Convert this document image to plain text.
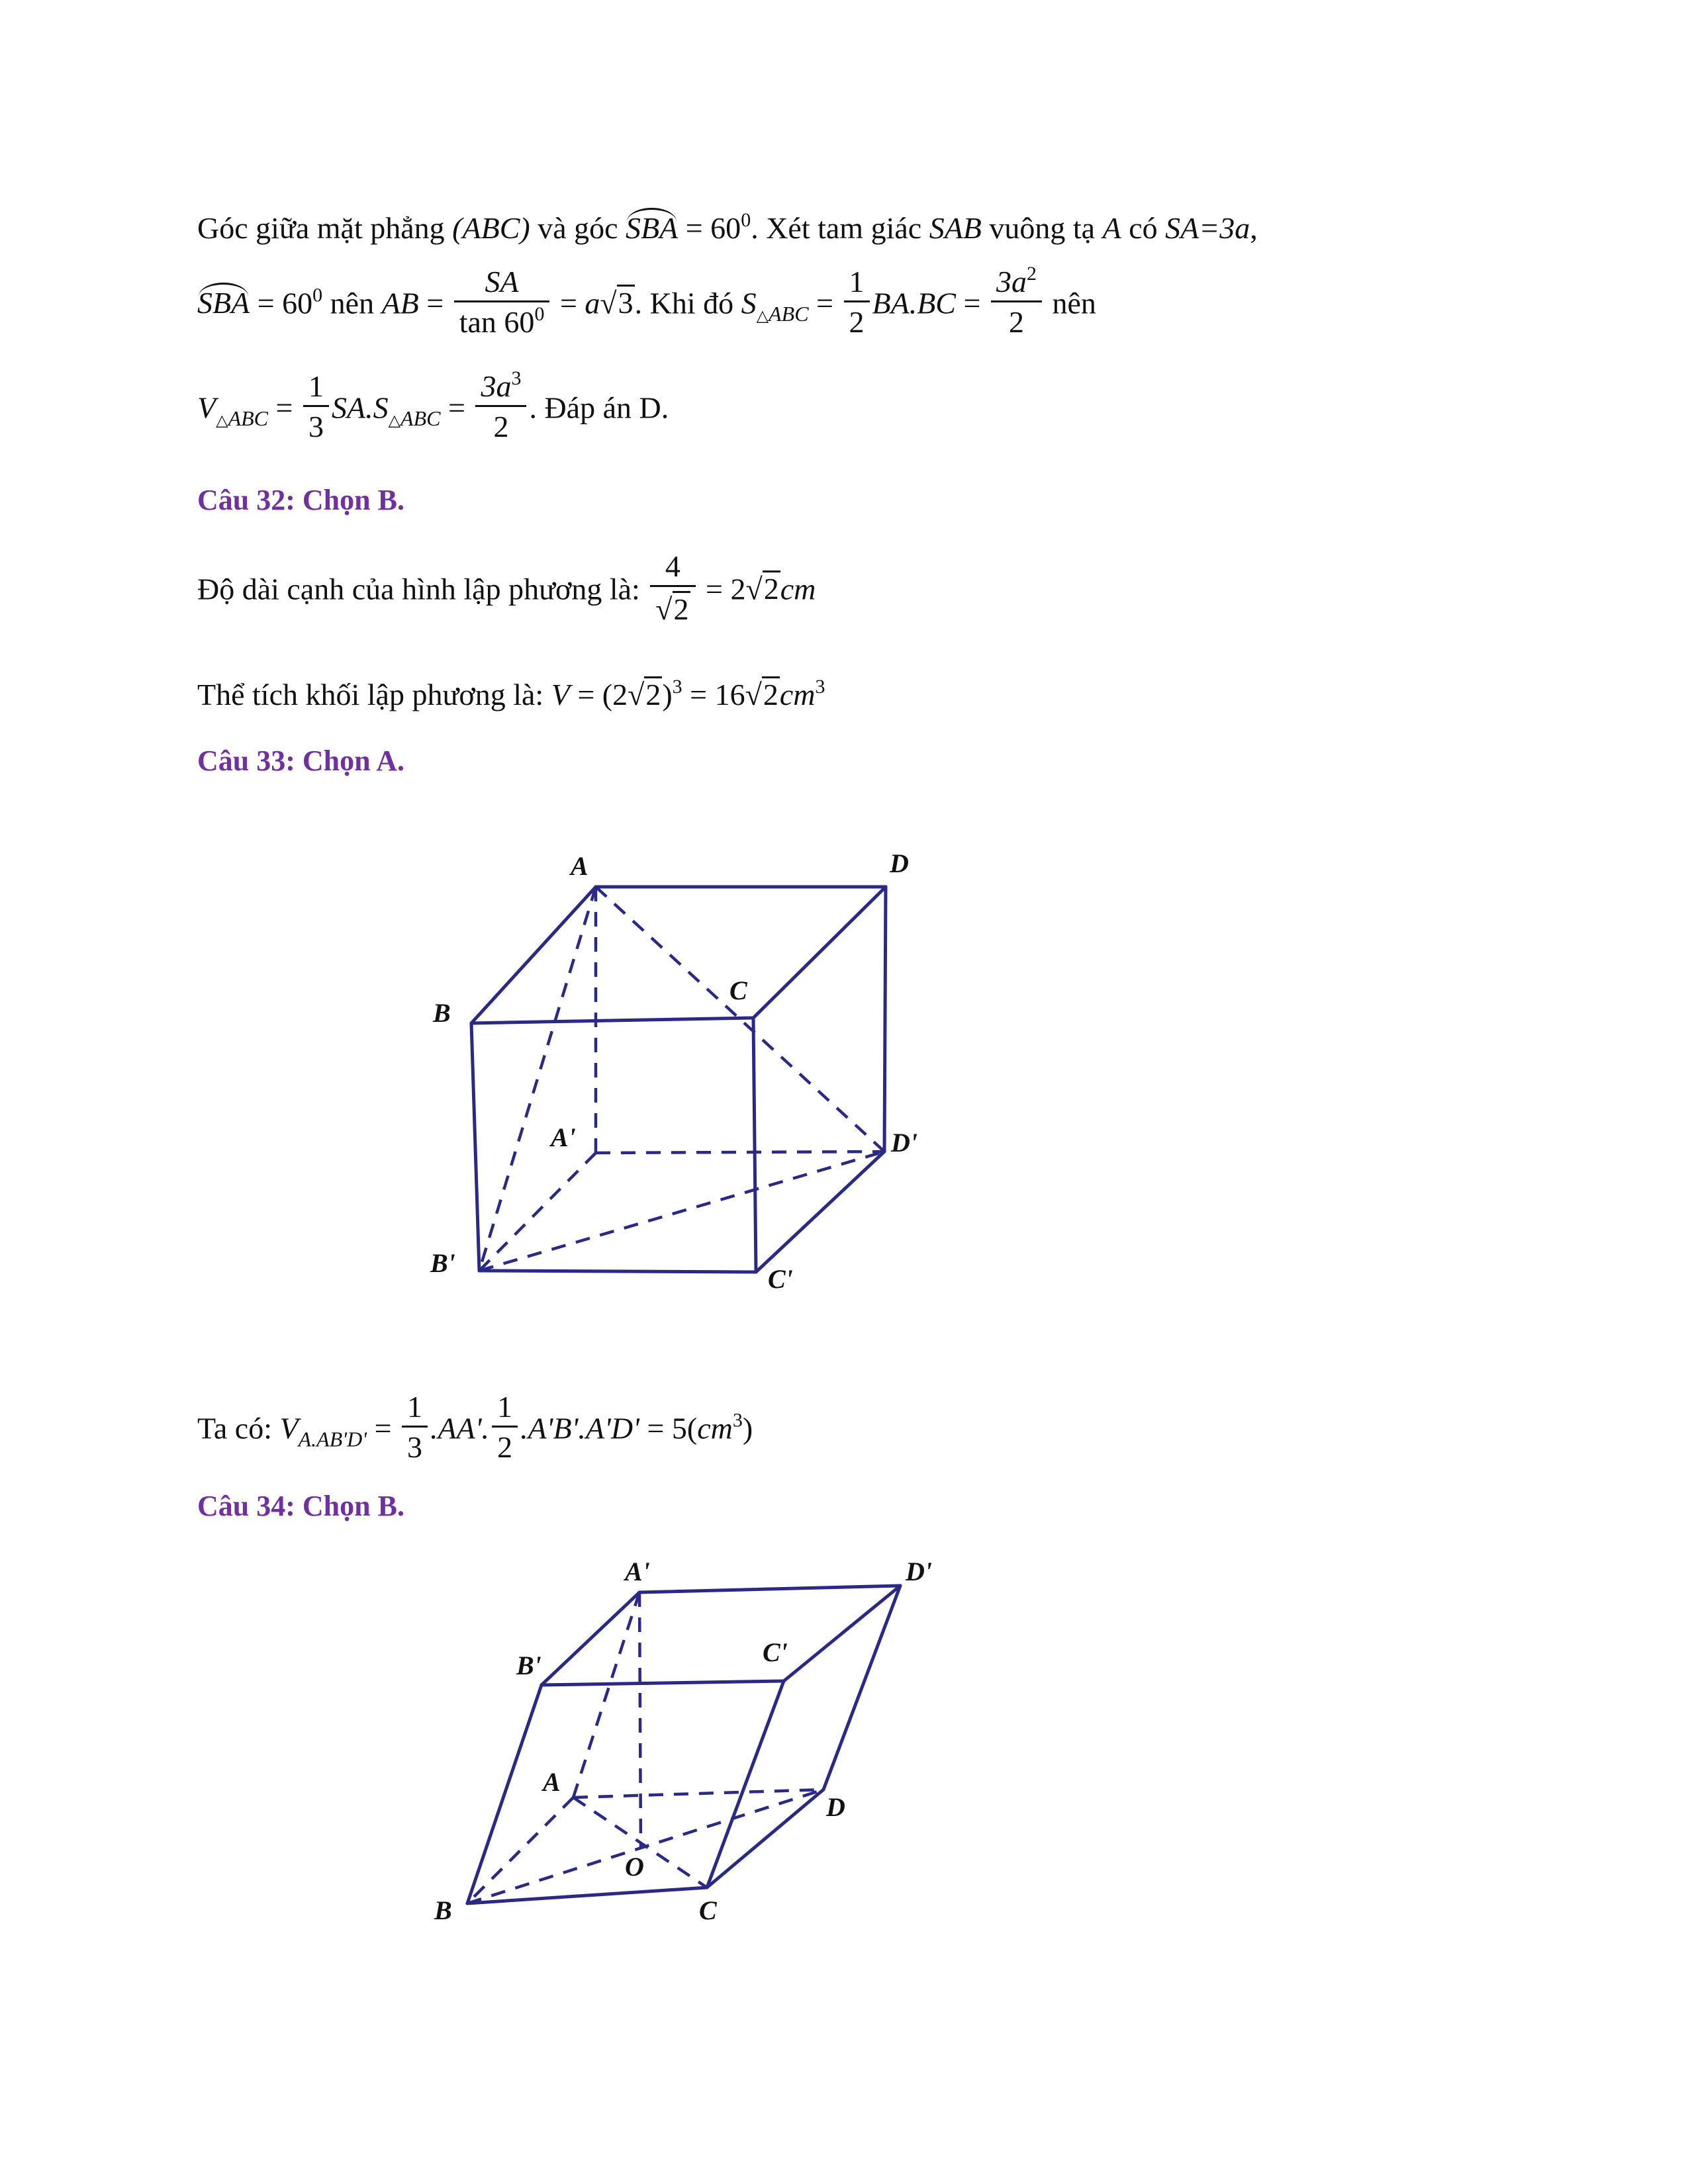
Góc giữa mặt phẳng (ABC) và góc SBA = $60^0$. Xét tam giác SAB vuông tạ A có SA=3a,
SBA = $60^0$ nên AB = $\frac{SA}{\tan 60^0} = a√3$. Khi đó $S_{\triangle ABC} = \frac{1}{2} BA.BC = \frac{3a^2}{2}$ nên
$V_{\triangle ABC} = \frac{1}{3} SA.S_{\triangle ABC} = \frac{3a^3}{2}$ . Đáp án D.
Câu 32: Chọn B.
Độ dài cạnh của hình lập phương là: $\frac{4}{√2} = 2√2cm$
Thể tích khối lập phương là: $V = (2√2)^3 = 16√2cm^3$
Câu 33: Chọn A.
A	D
B
C
A'	D'
B'
C'
A'	D'
B'	C'
A
D
O
B	C
Ta có: $V_{A.AB'D'} = \frac{1}{3} .AA'$. $\frac{1}{2} .A'B'.A'D' = 5(cm^3)$
Câu 34: Chọn B.
